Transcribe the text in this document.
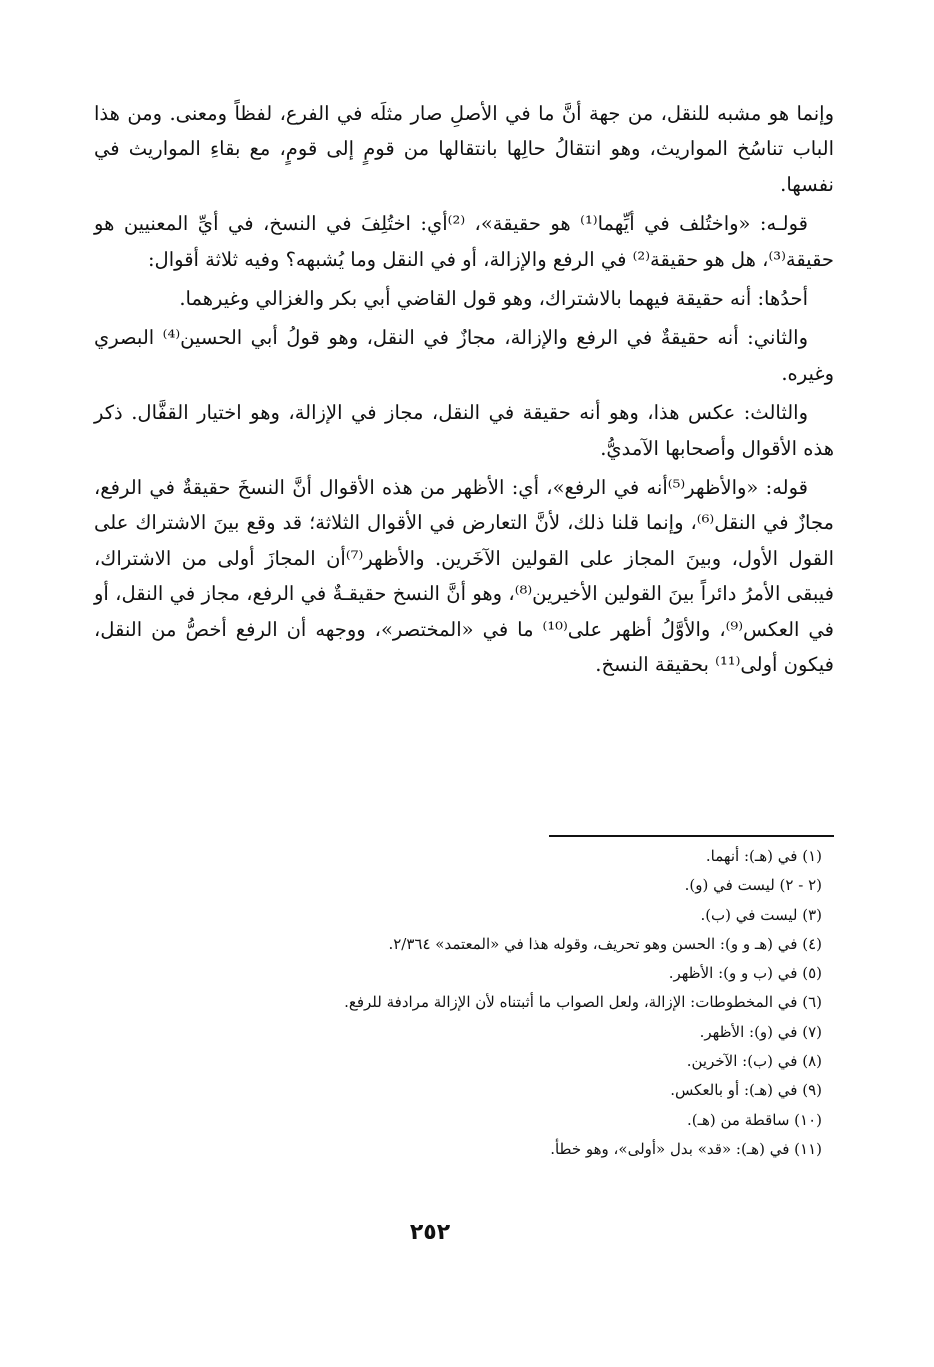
وإنما هو مشبه للنقل، من جهة أنَّ ما في الأصلِ صار مثلَه في الفرع، لفظاً ومعنى. ومن هذا الباب تناسُخ المواريث، وهو انتقالُ حالِها بانتقالها من قومٍ إلى قومٍ، مع بقاءِ المواريث في نفسها.

قولـه: «واختُلف في أيِّهما⁽¹⁾ هو حقيقة»، ⁽²⁾أي: اختُلِفَ في النسخ، في أيِّ المعنيين هو حقيقة⁽³⁾، هل هو حقيقة⁽²⁾ في الرفع والإزالة، أو في النقل وما يُشبهه؟ وفيه ثلاثة أقوال:

أحدُها: أنه حقيقة فيهما بالاشتراك، وهو قول القاضي أبي بكر والغزالي وغيرهما.

والثاني: أنه حقيقةٌ في الرفع والإزالة، مجازٌ في النقل، وهو قولُ أبي الحسين⁽⁴⁾ البصري وغيره.

والثالث: عكس هذا، وهو أنه حقيقة في النقل، مجاز في الإزالة، وهو اختيار القفَّال. ذكر هذه الأقوال وأصحابها الآمديُّ.

قوله: «والأظهر⁽⁵⁾أنه في الرفع»، أي: الأظهر من هذه الأقوال أنَّ النسخَ حقيقةٌ في الرفع، مجازٌ في النقل⁽⁶⁾، وإنما قلنا ذلك، لأنَّ التعارض في الأقوال الثلاثة؛ قد وقع بينَ الاشتراك على القول الأول، وبينَ المجاز على القولين الآخَرين. والأظهر⁽⁷⁾أن المجازَ أولى من الاشتراك، فيبقى الأمرُ دائراً بينَ القولين الأخيرين⁽⁸⁾، وهو أنَّ النسخ حقيقـةٌ في الرفع، مجاز في النقل، أو في العكس⁽⁹⁾، والأوَّلُ أظهر على⁽¹⁰⁾ ما في «المختصر»، ووجهه أن الرفع أخصُّ من النقل، فيكون أولى⁽¹¹⁾ بحقيقة النسخ.

(١) في (هـ): أنهما.
(٢ - ٢) ليست في (و).
(٣) ليست في (ب).
(٤) في (هـ و و): الحسن وهو تحريف، وقوله هذا في «المعتمد» ٢/٣٦٤.
(٥) في (ب و و): الأظهر.
(٦) في المخطوطات: الإزالة، ولعل الصواب ما أثبتناه لأن الإزالة مرادفة للرفع.
(٧) في (و): الأظهر.
(٨) في (ب): الآخرين.
(٩) في (هـ): أو بالعكس.
(١٠) ساقطة من (هـ).
(١١) في (هـ): «قد» بدل «أولى»، وهو خطأ.
٢٥٢
